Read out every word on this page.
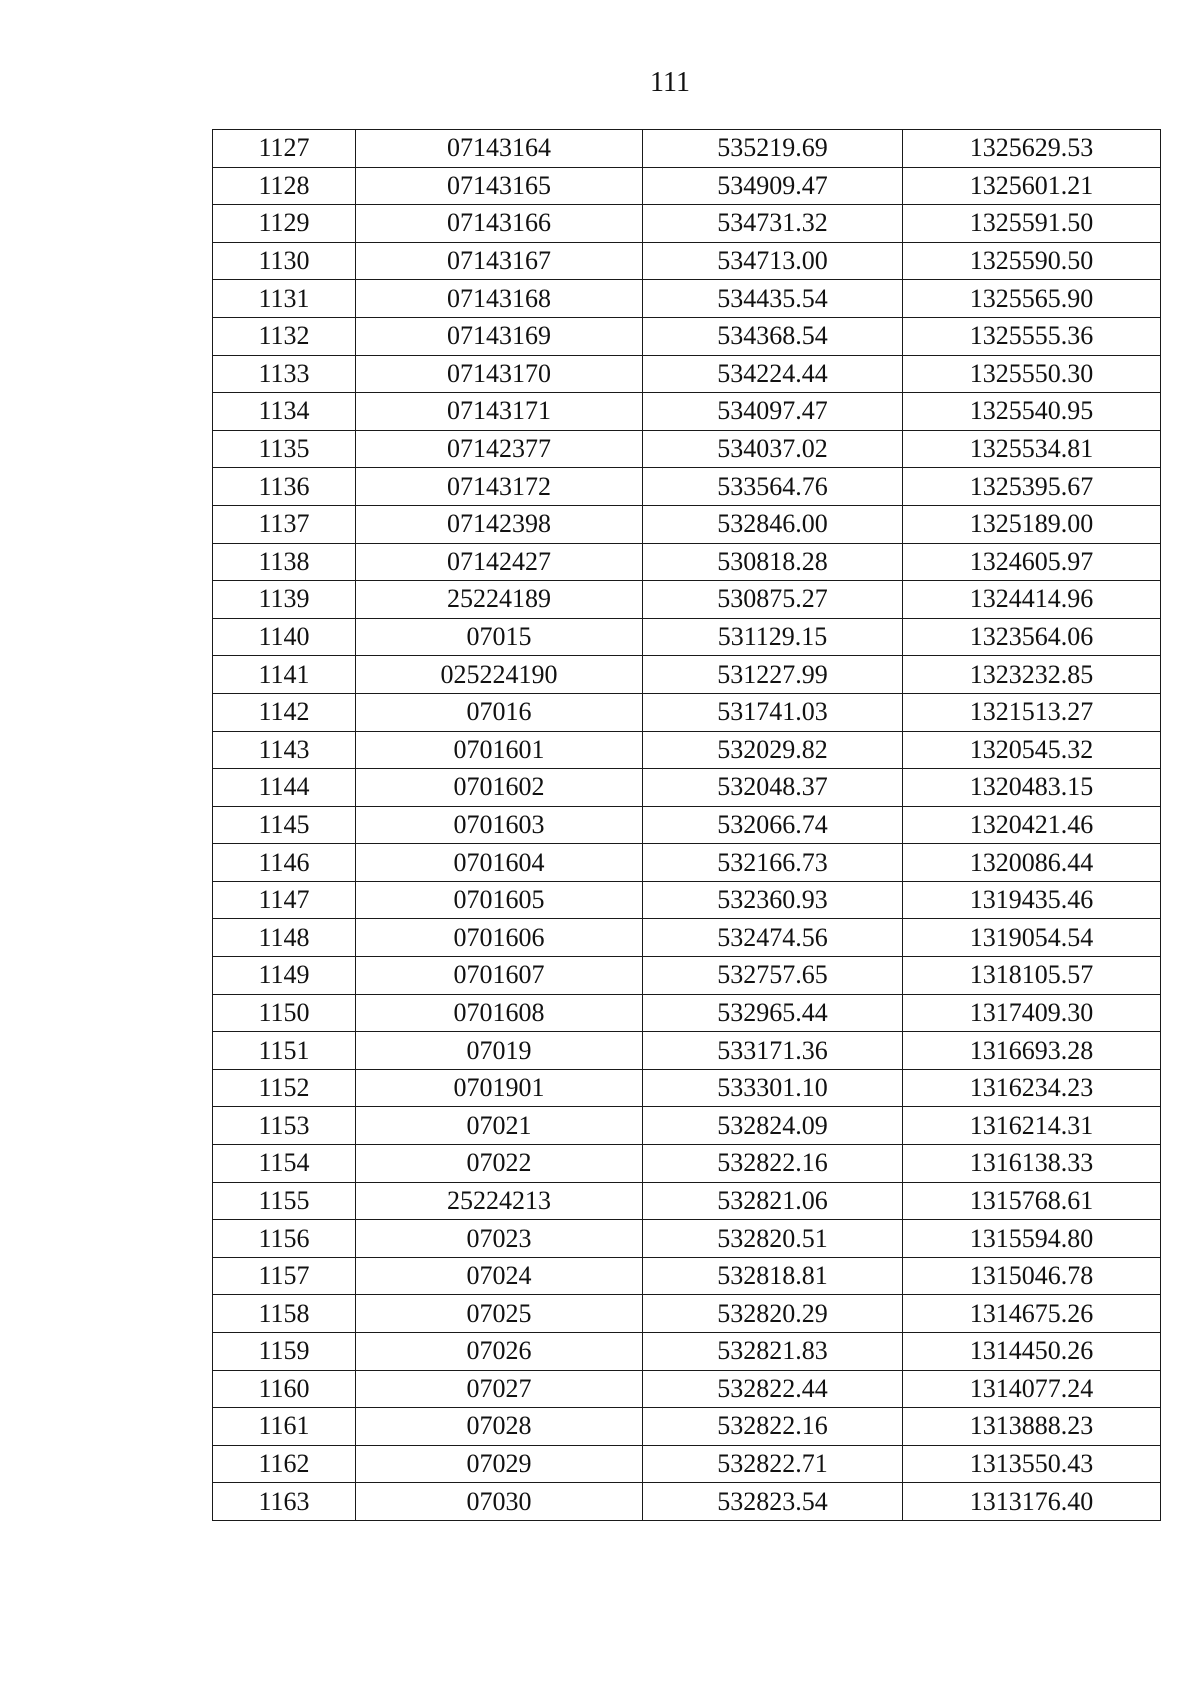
111
1127	07143164	535219.69	1325629.53
1128	07143165	534909.47	1325601.21
1129	07143166	534731.32	1325591.50
1130	07143167	534713.00	1325590.50
1131	07143168	534435.54	1325565.90
1132	07143169	534368.54	1325555.36
1133	07143170	534224.44	1325550.30
1134	07143171	534097.47	1325540.95
1135	07142377	534037.02	1325534.81
1136	07143172	533564.76	1325395.67
1137	07142398	532846.00	1325189.00
1138	07142427	530818.28	1324605.97
1139	25224189	530875.27	1324414.96
1140	07015	531129.15	1323564.06
1141	025224190	531227.99	1323232.85
1142	07016	531741.03	1321513.27
1143	0701601	532029.82	1320545.32
1144	0701602	532048.37	1320483.15
1145	0701603	532066.74	1320421.46
1146	0701604	532166.73	1320086.44
1147	0701605	532360.93	1319435.46
1148	0701606	532474.56	1319054.54
1149	0701607	532757.65	1318105.57
1150	0701608	532965.44	1317409.30
1151	07019	533171.36	1316693.28
1152	0701901	533301.10	1316234.23
1153	07021	532824.09	1316214.31
1154	07022	532822.16	1316138.33
1155	25224213	532821.06	1315768.61
1156	07023	532820.51	1315594.80
1157	07024	532818.81	1315046.78
1158	07025	532820.29	1314675.26
1159	07026	532821.83	1314450.26
1160	07027	532822.44	1314077.24
1161	07028	532822.16	1313888.23
1162	07029	532822.71	1313550.43
1163	07030	532823.54	1313176.40
